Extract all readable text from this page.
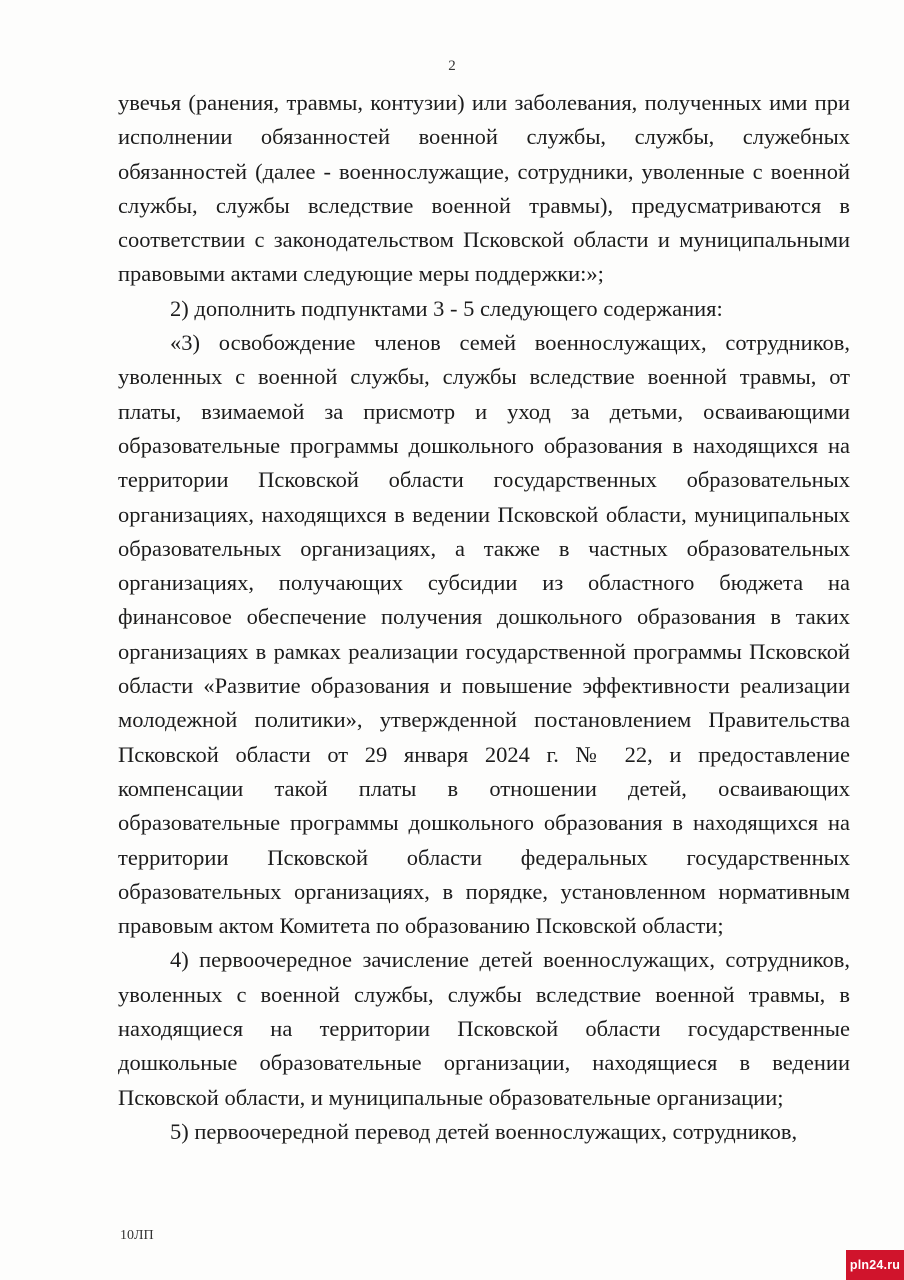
2

увечья (ранения, травмы, контузии) или заболевания, полученных ими при исполнении обязанностей военной службы, службы, служебных обязанностей (далее - военнослужащие, сотрудники, уволенные с военной службы, службы вследствие военной травмы), предусматриваются в соответствии с законодательством Псковской области и муниципальными правовыми актами следующие меры поддержки:»;

2) дополнить подпунктами 3 - 5 следующего содержания:

«3) освобождение членов семей военнослужащих, сотрудников, уволенных с военной службы, службы вследствие военной травмы, от платы, взимаемой за присмотр и уход за детьми, осваивающими образовательные программы дошкольного образования в находящихся на территории Псковской области государственных образовательных организациях, находящихся в ведении Псковской области, муниципальных образовательных организациях, а также в частных образовательных организациях, получающих субсидии из областного бюджета на финансовое обеспечение получения дошкольного образования в таких организациях в рамках реализации государственной программы Псковской области «Развитие образования и повышение эффективности реализации молодежной политики», утвержденной постановлением Правительства Псковской области от 29 января 2024 г. № 22, и предоставление компенсации такой платы в отношении детей, осваивающих образовательные программы дошкольного образования в находящихся на территории Псковской области федеральных государственных образовательных организациях, в порядке, установленном нормативным правовым актом Комитета по образованию Псковской области;

4) первоочередное зачисление детей военнослужащих, сотрудников, уволенных с военной службы, службы вследствие военной травмы, в находящиеся на территории Псковской области государственные дошкольные образовательные организации, находящиеся в ведении Псковской области, и муниципальные образовательные организации;

5) первоочередной перевод детей военнослужащих, сотрудников,

10ЛП
pln24.ru
